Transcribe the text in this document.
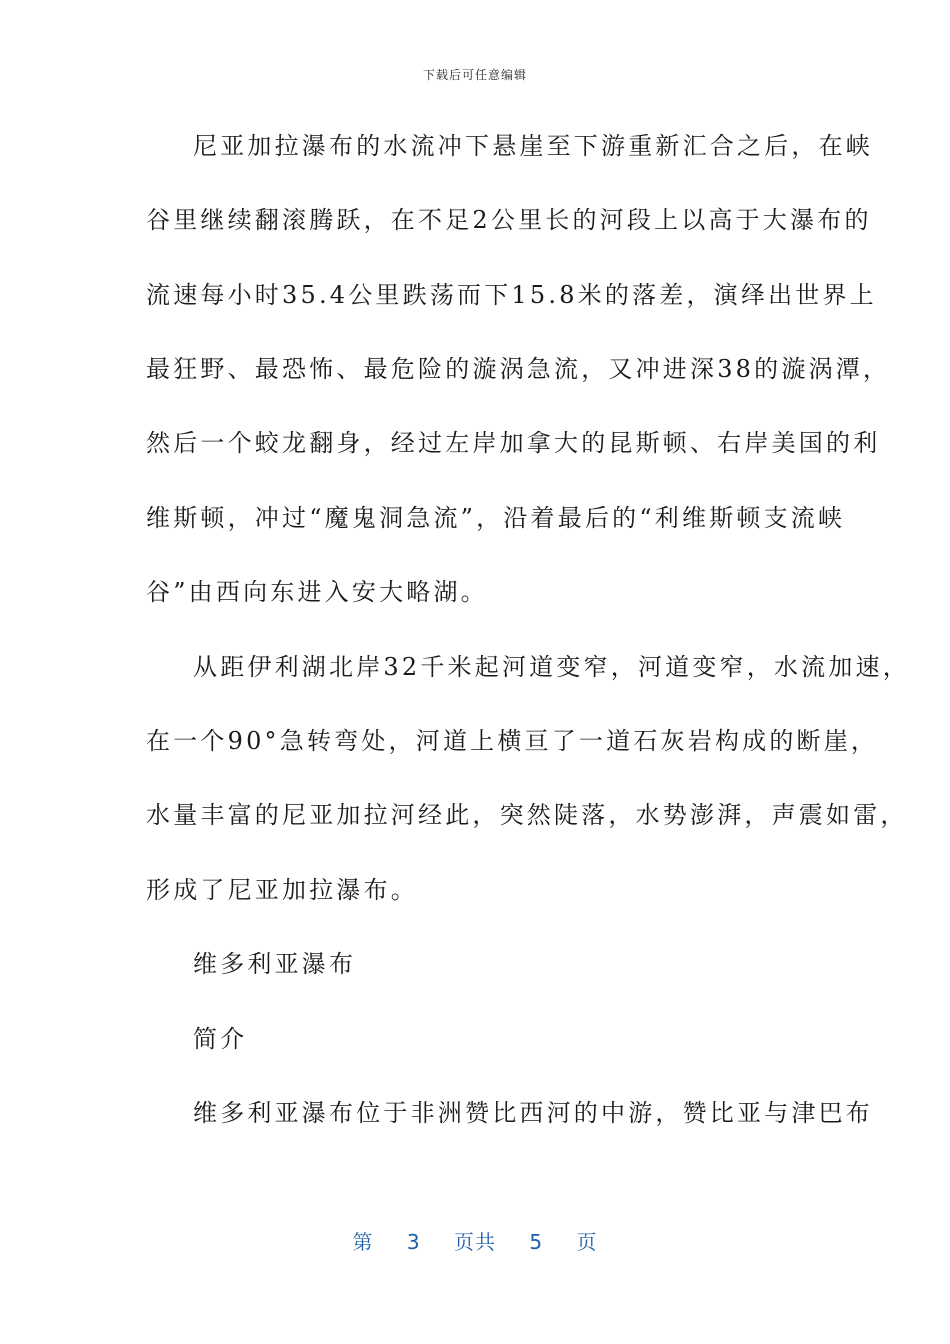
下载后可任意编辑
尼亚加拉瀑布的水流冲下悬崖至下游重新汇合之后，在峡
谷里继续翻滚腾跃，在不足2公里长的河段上以高于大瀑布的
流速每小时35.4公里跌荡而下15.8米的落差，演绎出世界上
最狂野、最恐怖、最危险的漩涡急流，又冲进深38的漩涡潭，
然后一个蛟龙翻身，经过左岸加拿大的昆斯顿、右岸美国的利
维斯顿，冲过“魔鬼洞急流”，沿着最后的“利维斯顿支流峡
谷”由西向东进入安大略湖。
从距伊利湖北岸32千米起河道变窄，河道变窄，水流加速，
在一个90°急转弯处，河道上横亘了一道石灰岩构成的断崖，
水量丰富的尼亚加拉河经此，突然陡落，水势澎湃，声震如雷，
形成了尼亚加拉瀑布。
维多利亚瀑布
简介
维多利亚瀑布位于非洲赞比西河的中游，赞比亚与津巴布
第 3 页共 5 页
